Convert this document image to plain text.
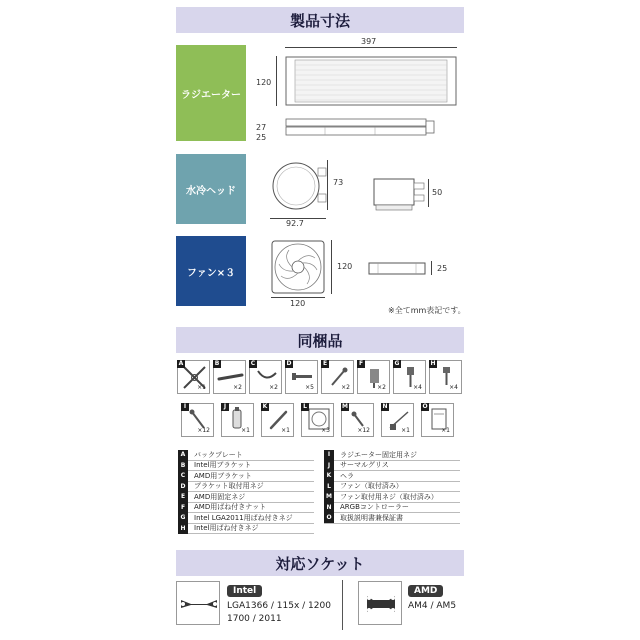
製品寸法
ラジエーター
397
120
27
25
水冷ヘッド
73
92.7
50
ファン×３
120
120
25
※全てmm表記です。
同梱品
A
×1
B
×2
C
×2
D
×5
E
×2
F
×2
G
×4
H
×4
I
×12
J
×1
K
×1
L
×3
M
×12
N
×1
O
×1
A	バックプレート
B	Intel用ブラケット
C	AMD用ブラケット
D	ブラケット取付用ネジ
E	AMD用固定ネジ
F	AMD用ばね付きナット
G	Intel LGA2011用ばね付きネジ
H	Intel用ばね付きネジ
I	ラジエーター固定用ネジ
J	サーマルグリス
K	ヘラ
L	ファン（取付済み）
M ファン取付用ネジ（取付済み）
N	ARGBコントローラー
O	取扱説明書兼保証書
対応ソケット
Intel
LGA1366 / 115x / 1200
1700 / 2011
AMD
AM4 / AM5
